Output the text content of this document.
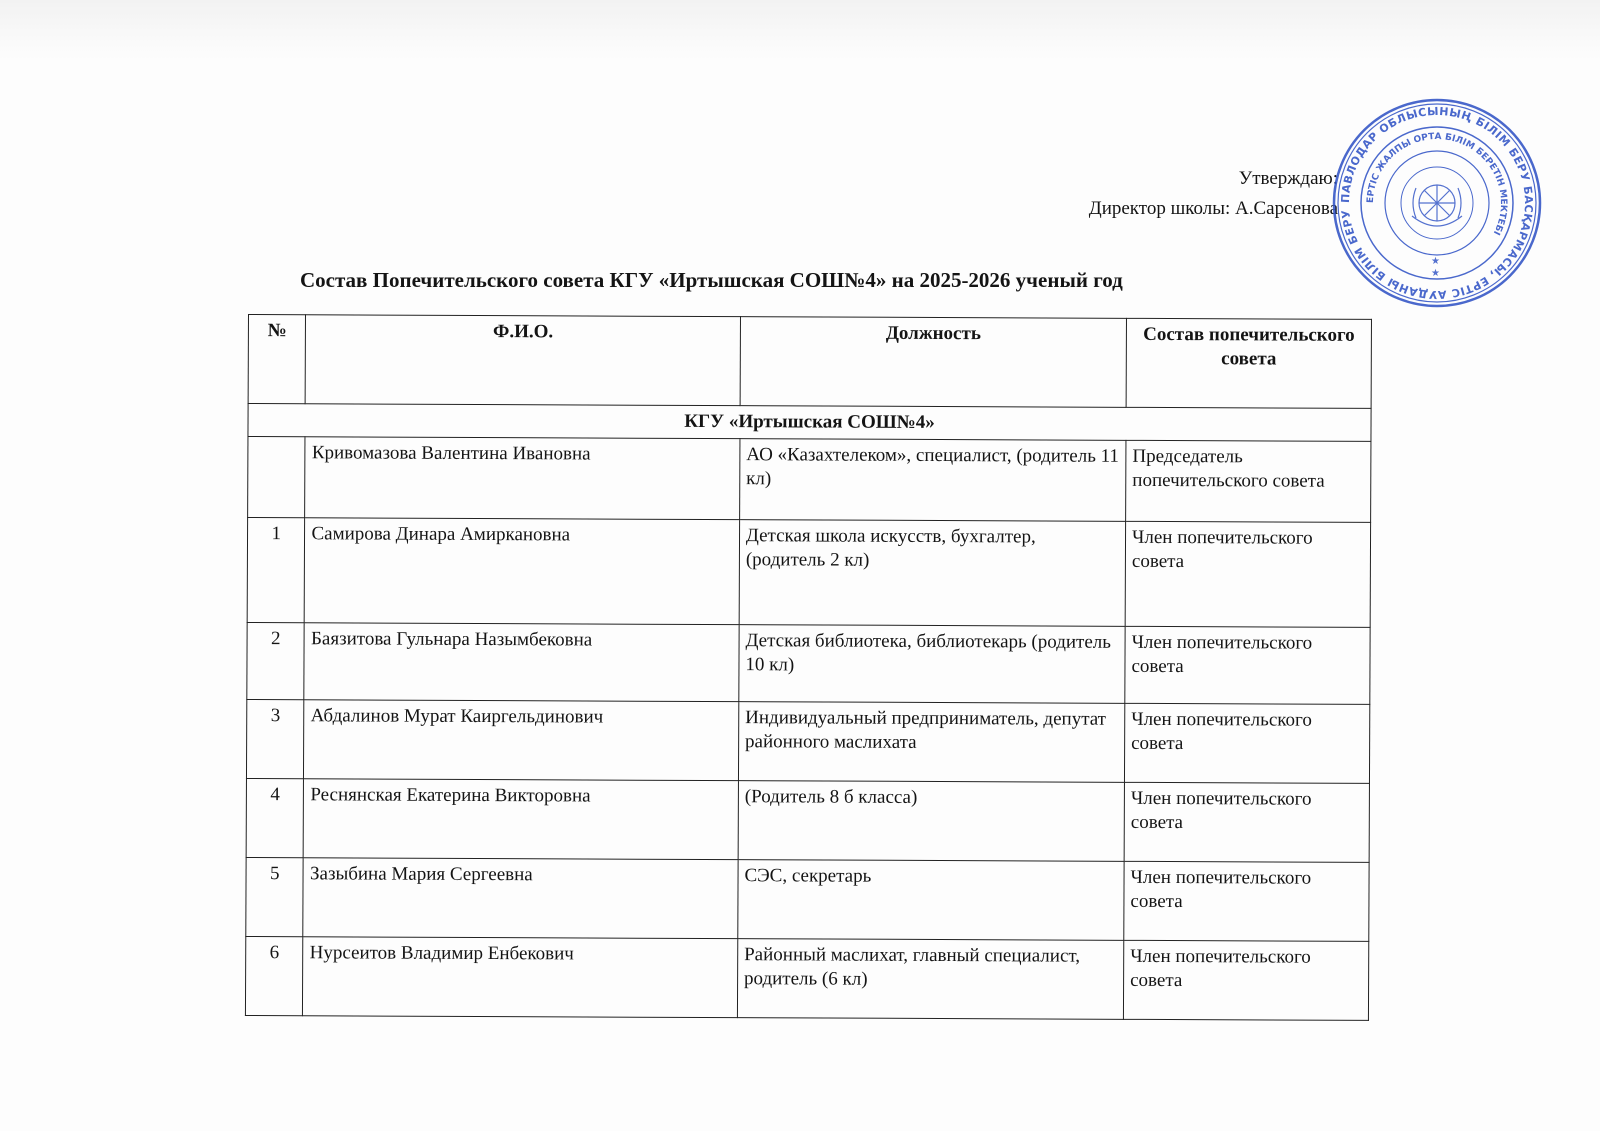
Утверждаю:
Директор школы: А.Сарсенова ПАВЛОДАР ОБЛЫСЫНЫҢ БІЛІМ БЕРУ БАСҚАРМАСЫ, ЕРТІС АУДАНЫ БІЛІМ БЕРУ
ЕРТІС ЖАЛПЫ ОРТА БІЛІМ БЕРЕТІН МЕКТЕБІ
★
★
Состав Попечительского совета КГУ «Иртышская СОШ№4» на 2025-2026 ученый год
№	Ф.И.О.	Должность	Состав попечительского совета
КГУ «Иртышская СОШ№4»			
	Кривомазова Валентина Ивановна	АО «Казахтелеком», специалист, (родитель 11 кл)	Председатель попечительского совета
1	Самирова Динара Амиркановна	Детская школа искусств, бухгалтер, (родитель 2 кл)	Член попечительского совета
2	Баязитова Гульнара Назымбековна	Детская библиотека, библиотекарь (родитель 10 кл)	Член попечительского совета
3	Абдалинов Мурат Каиргельдинович	Индивидуальный предприниматель, депутат районного маслихата	Член попечительского совета
4	Реснянская Екатерина Викторовна	(Родитель 8 б класса)	Член попечительского совета
5	Зазыбина Мария Сергеевна	СЭС, секретарь	Член попечительского совета
6	Нурсеитов Владимир Енбекович	Районный маслихат, главный специалист, родитель (6 кл)	Член попечительского совета
